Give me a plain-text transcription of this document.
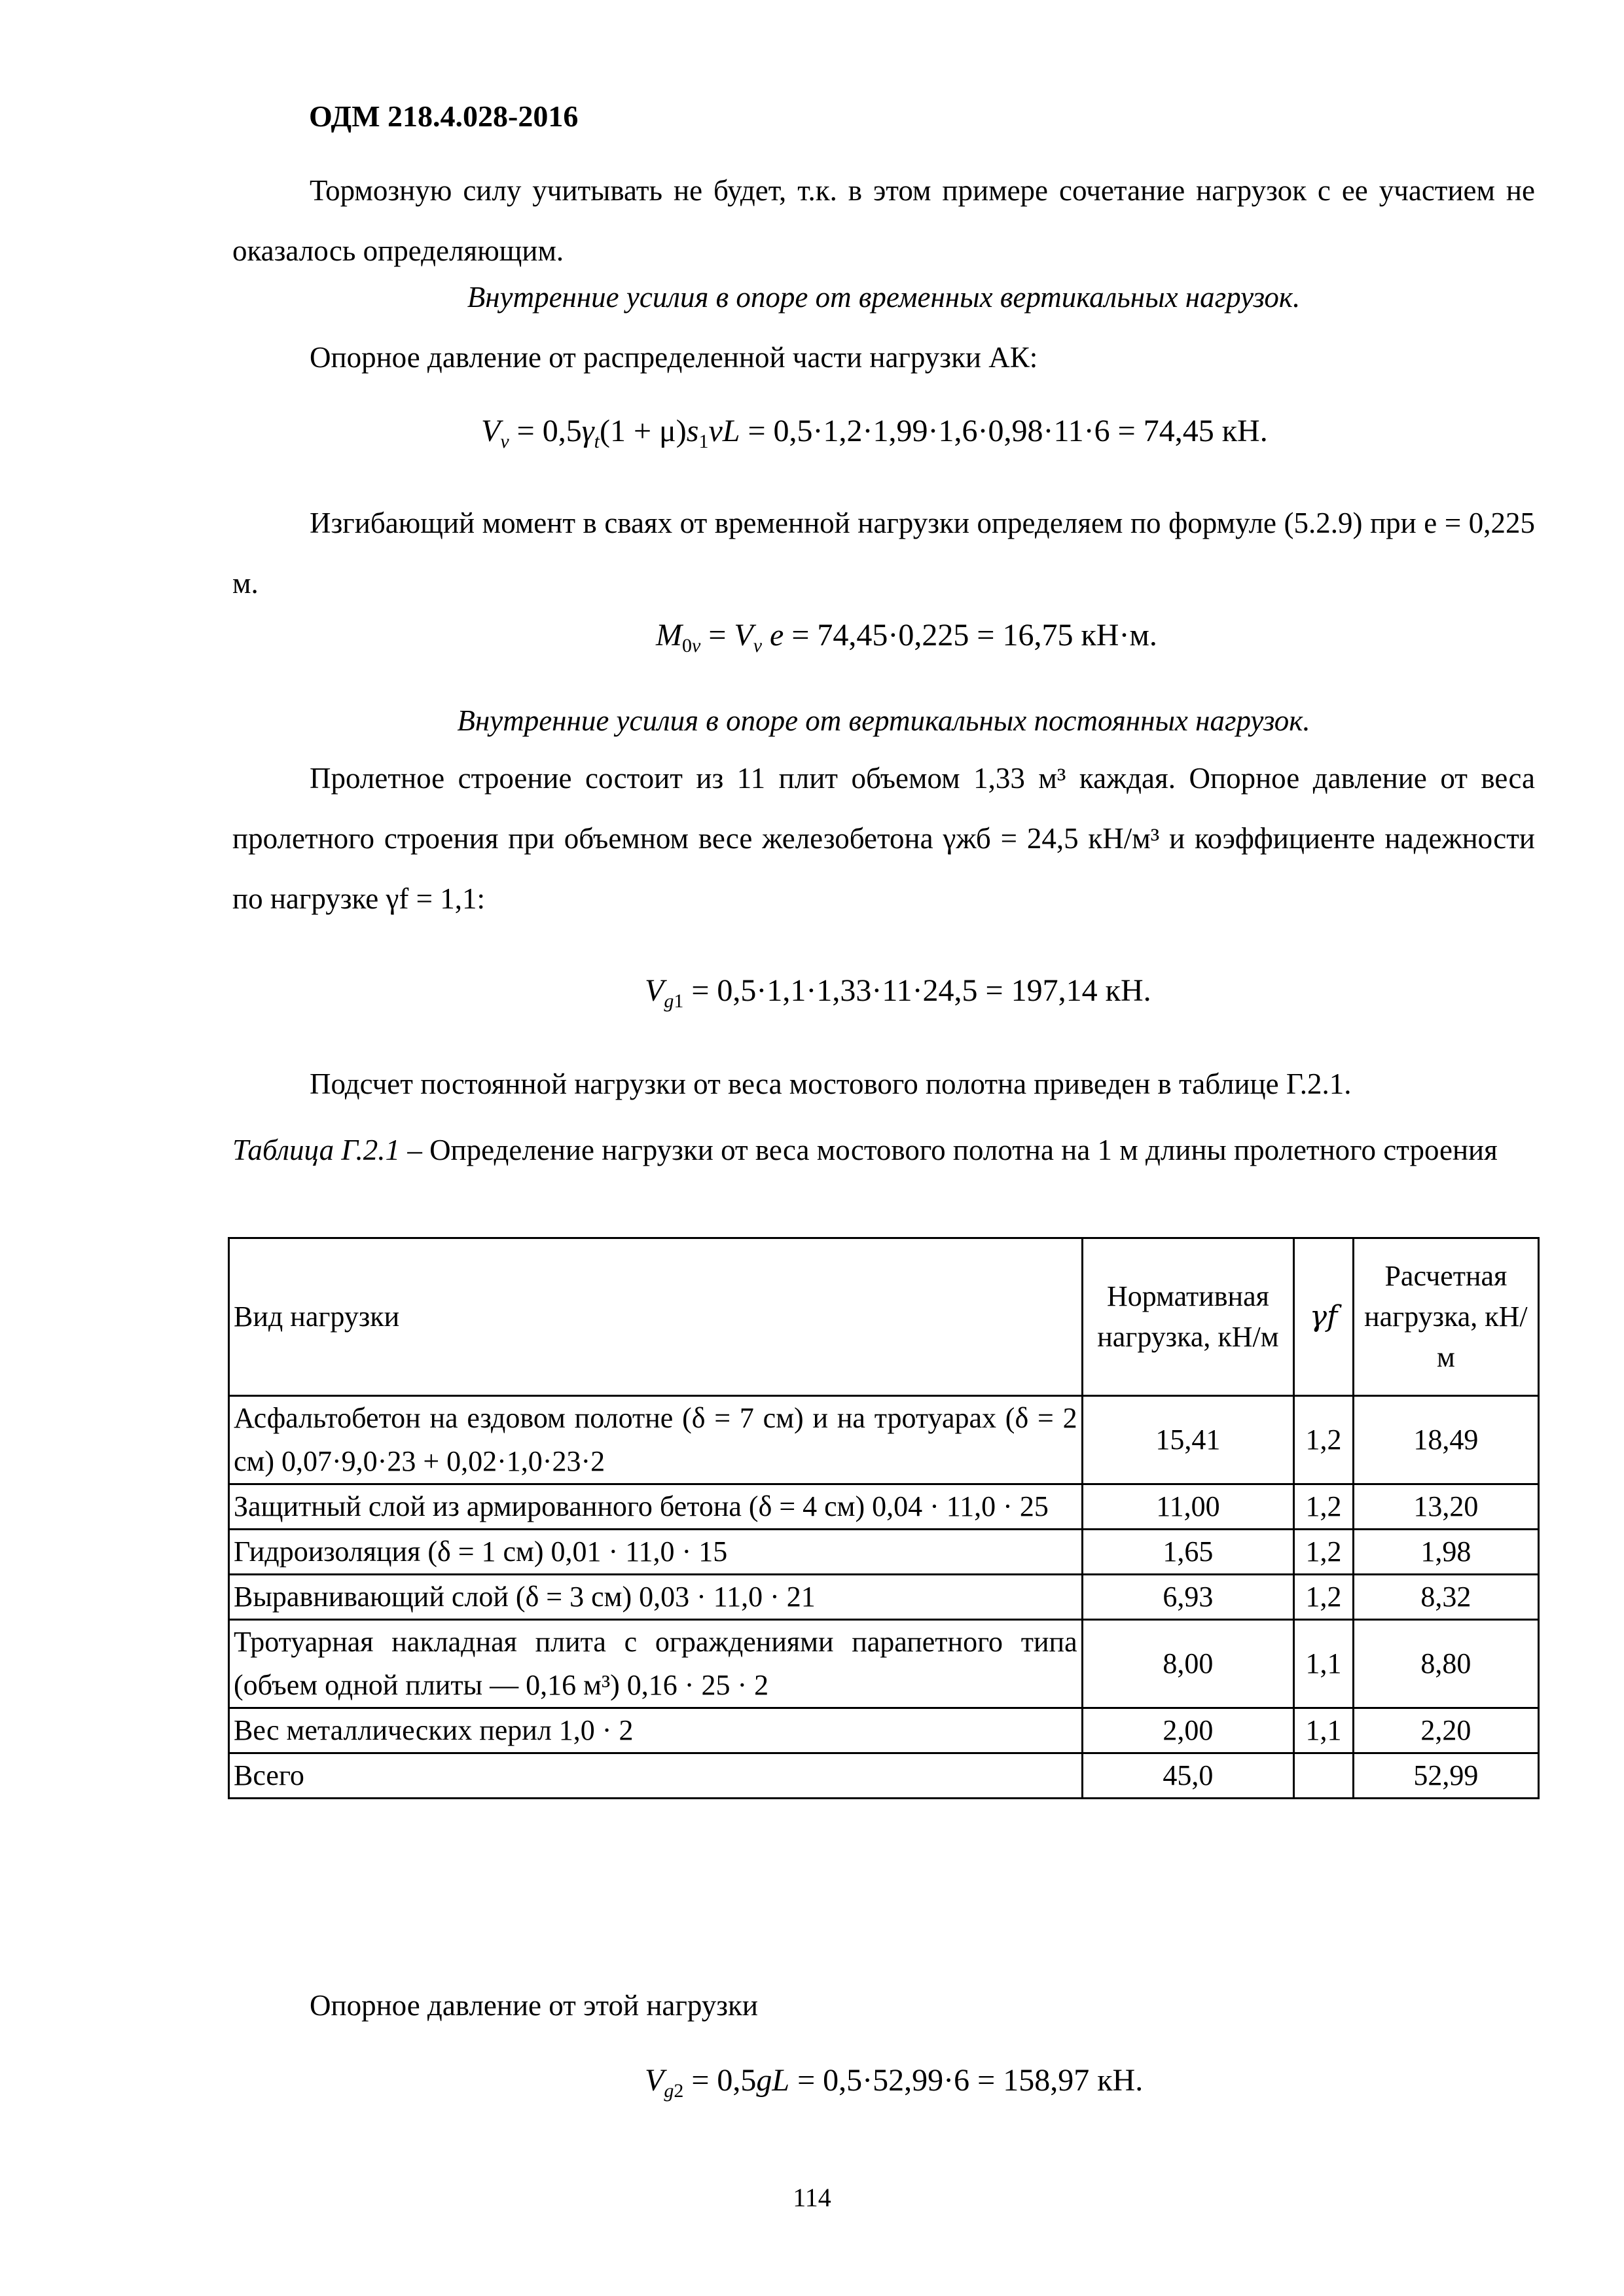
ОДМ 218.4.028-2016
Тормозную силу учитывать не будет, т.к. в этом примере сочетание нагрузок с ее участием не оказалось определяющим.
Внутренние усилия в опоре от временных вертикальных нагрузок.
Опорное давление от распределенной части нагрузки АК:
$V_v = 0,5\gamma_t(1 + \mu)s_1vL = 0,5\cdot 1,2\cdot 1,99\cdot 1,6\cdot 0,98\cdot 11\cdot 6 = 74,45$ кН.
Изгибающий момент в сваях от временной нагрузки определяем по формуле (5.2.9) при e = 0,225 м.
$M_{0v} = V_v$ e = 74,45·0,225 = 16,75 кН·м.
Внутренние усилия в опоре от вертикальных постоянных нагрузок.
Пролетное строение состоит из 11 плит объемом 1,33 м³ каждая. Опорное давление от веса пролетного строения при объемном весе железобетона γжб = 24,5 кН/м³ и коэффициенте надежности по нагрузке γf = 1,1:
$V_{g1} = 0,5\cdot 1,1\cdot 1,33\cdot 11\cdot 24,5 = 197,14$ кН.
Подсчет постоянной нагрузки от веса мостового полотна приведен в таблице Г.2.1.
Таблица Г.2.1 – Определение нагрузки от веса мостового полотна на 1 м длины пролетного строения
Вид нагрузки	Нормативная нагрузка, кН/м	γf	Расчетная нагрузка, кН/м
Асфальтобетон на ездовом полотне (δ = 7 см) и на тротуарах (δ = 2 см) 0,07·9,0·23 + 0,02·1,0·23·2	15,41	1,2	18,49
Защитный слой из армированного бетона (δ = 4 см) 0,04 · 11,0 · 25	11,00	1,2	13,20
Гидроизоляция (δ = 1 см) 0,01 · 11,0 · 15	1,65	1,2	1,98
Выравнивающий слой (δ = 3 см) 0,03 · 11,0 · 21	6,93	1,2	8,32
Тротуарная накладная плита с ограждениями парапетного типа (объем одной плиты — 0,16 м³) 0,16 · 25 · 2	8,00	1,1	8,80
Вес металлических перил 1,0 · 2	2,00	1,1	2,20
Всего	45,0		52,99
Опорное давление от этой нагрузки
$V_{g2} = 0,5gL = 0,5\cdot 52,99\cdot 6 = 158,97$ кН.
114
